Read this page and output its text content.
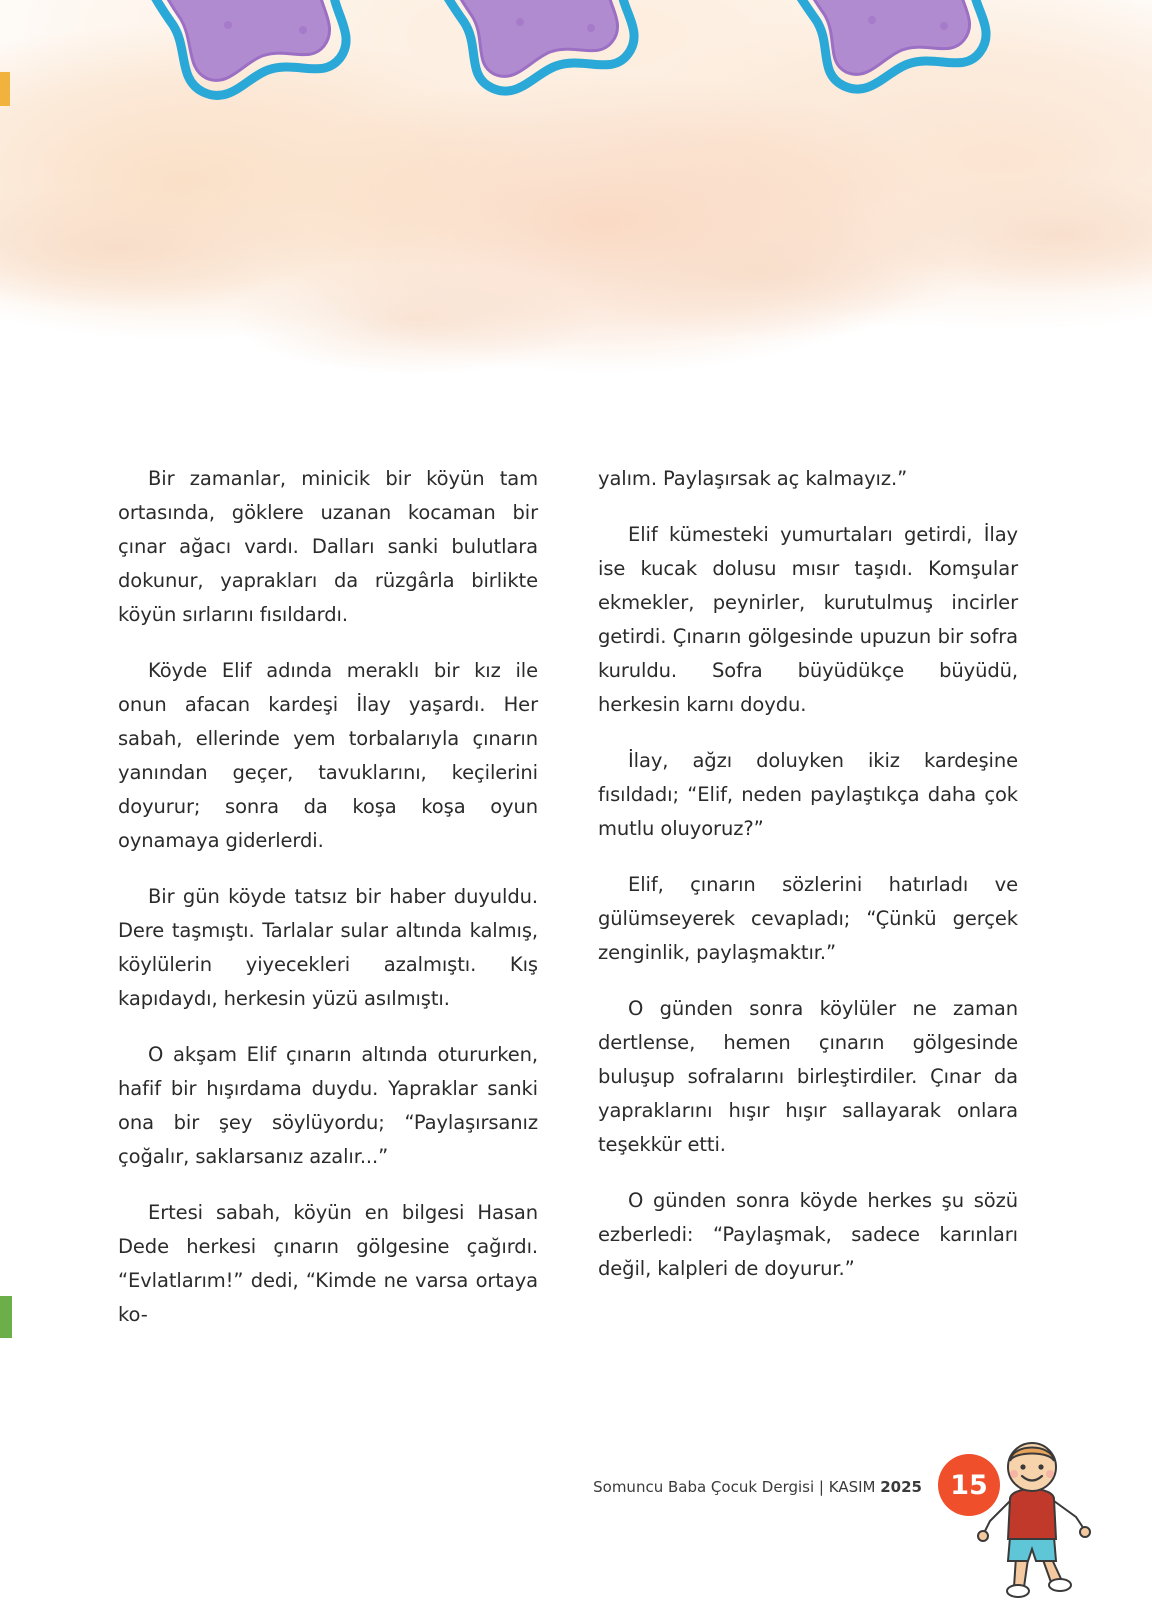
Bir zamanlar, minicik bir köyün tam ortasında, göklere uzanan kocaman bir çınar ağacı vardı. Dalları sanki bulutlara dokunur, yaprakları da rüzgârla birlikte köyün sırlarını fısıldardı.

Köyde Elif adında meraklı bir kız ile onun afacan kardeşi İlay yaşardı. Her sabah, ellerinde yem torbalarıyla çınarın yanından geçer, tavuklarını, keçilerini doyurur; sonra da koşa koşa oyun oynamaya giderlerdi.

Bir gün köyde tatsız bir haber duyuldu. Dere taşmıştı. Tarlalar sular altında kalmış, köylülerin yiyecekleri azalmıştı. Kış kapıdaydı, herkesin yüzü asılmıştı.

O akşam Elif çınarın altında otururken, hafif bir hışırdama duydu. Yapraklar sanki ona bir şey söylüyordu; “Paylaşırsanız çoğalır, saklarsanız azalır...”

Ertesi sabah, köyün en bilgesi Hasan Dede herkesi çınarın gölgesine çağırdı. “Evlatlarım!” dedi, “Kimde ne varsa ortaya ko-

yalım. Paylaşırsak aç kalmayız.”

Elif kümesteki yumurtaları getirdi, İlay ise kucak dolusu mısır taşıdı. Komşular ekmekler, peynirler, kurutulmuş incirler getirdi. Çınarın gölgesinde upuzun bir sofra kuruldu. Sofra büyüdükçe büyüdü, herkesin karnı doydu.

İlay, ağzı doluyken ikiz kardeşine fısıldadı; “Elif, neden paylaştıkça daha çok mutlu oluyoruz?”

Elif, çınarın sözlerini hatırladı ve gülümseyerek cevapladı; “Çünkü gerçek zenginlik, paylaşmaktır.”

O günden sonra köylüler ne zaman dertlense, hemen çınarın gölgesinde buluşup sofralarını birleştirdiler. Çınar da yapraklarını hışır hışır sallayarak onlara teşekkür etti.

O günden sonra köyde herkes şu sözü ezberledi: “Paylaşmak, sadece karınları değil, kalpleri de doyurur.”

Somuncu Baba Çocuk Dergisi | KASIM 2025	15
